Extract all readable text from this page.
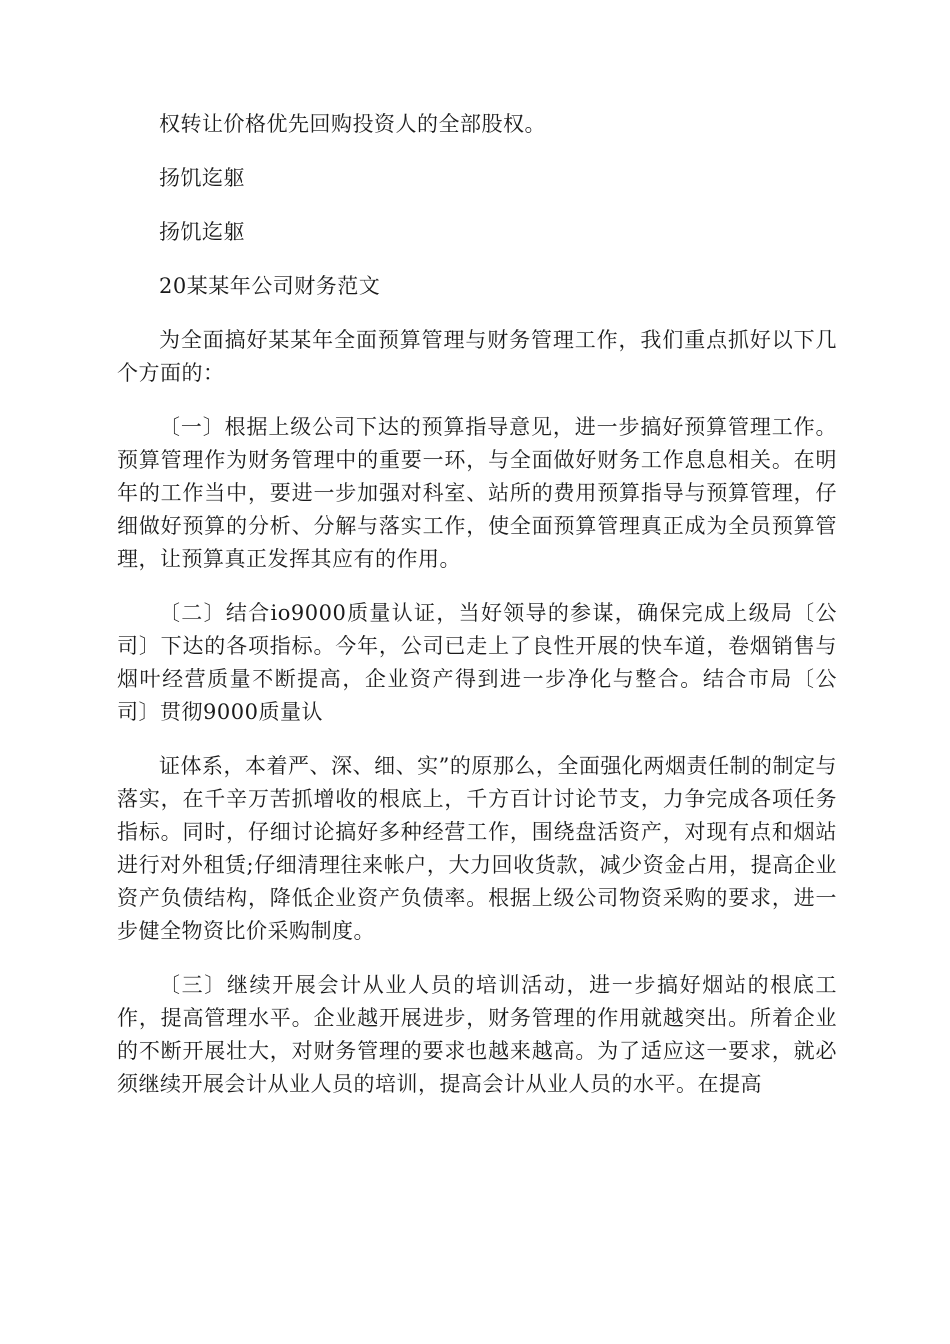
权转让价格优先回购投资人的全部股权。

扬饥迄躯

扬饥迄躯

20某某年公司财务范文

为全面搞好某某年全面预算管理与财务管理工作，我们重点抓好以下几个方面的：

〔一〕根据上级公司下达的预算指导意见，进一步搞好预算管理工作。预算管理作为财务管理中的重要一环，与全面做好财务工作息息相关。在明年的工作当中，要进一步加强对科室、站所的费用预算指导与预算管理，仔细做好预算的分析、分解与落实工作，使全面预算管理真正成为全员预算管理，让预算真正发挥其应有的作用。

〔二〕结合io9000质量认证，当好领导的参谋，确保完成上级局〔公司〕下达的各项指标。今年，公司已走上了良性开展的快车道，卷烟销售与烟叶经营质量不断提高，企业资产得到进一步净化与整合。结合市局〔公司〕贯彻9000质量认

证体系，本着严、深、细、实”的原那么，全面强化两烟责任制的制定与落实，在千辛万苦抓增收的根底上，千方百计讨论节支，力争完成各项任务指标。同时，仔细讨论搞好多种经营工作，围绕盘活资产，对现有点和烟站进行对外租赁;仔细清理往来帐户，大力回收货款，减少资金占用，提高企业资产负债结构，降低企业资产负债率。根据上级公司物资采购的要求，进一步健全物资比价采购制度。

〔三〕继续开展会计从业人员的培训活动，进一步搞好烟站的根底工作，提高管理水平。企业越开展进步，财务管理的作用就越突出。所着企业的不断开展壮大，对财务管理的要求也越来越高。为了适应这一要求，就必须继续开展会计从业人员的培训，提高会计从业人员的水平。在提高
